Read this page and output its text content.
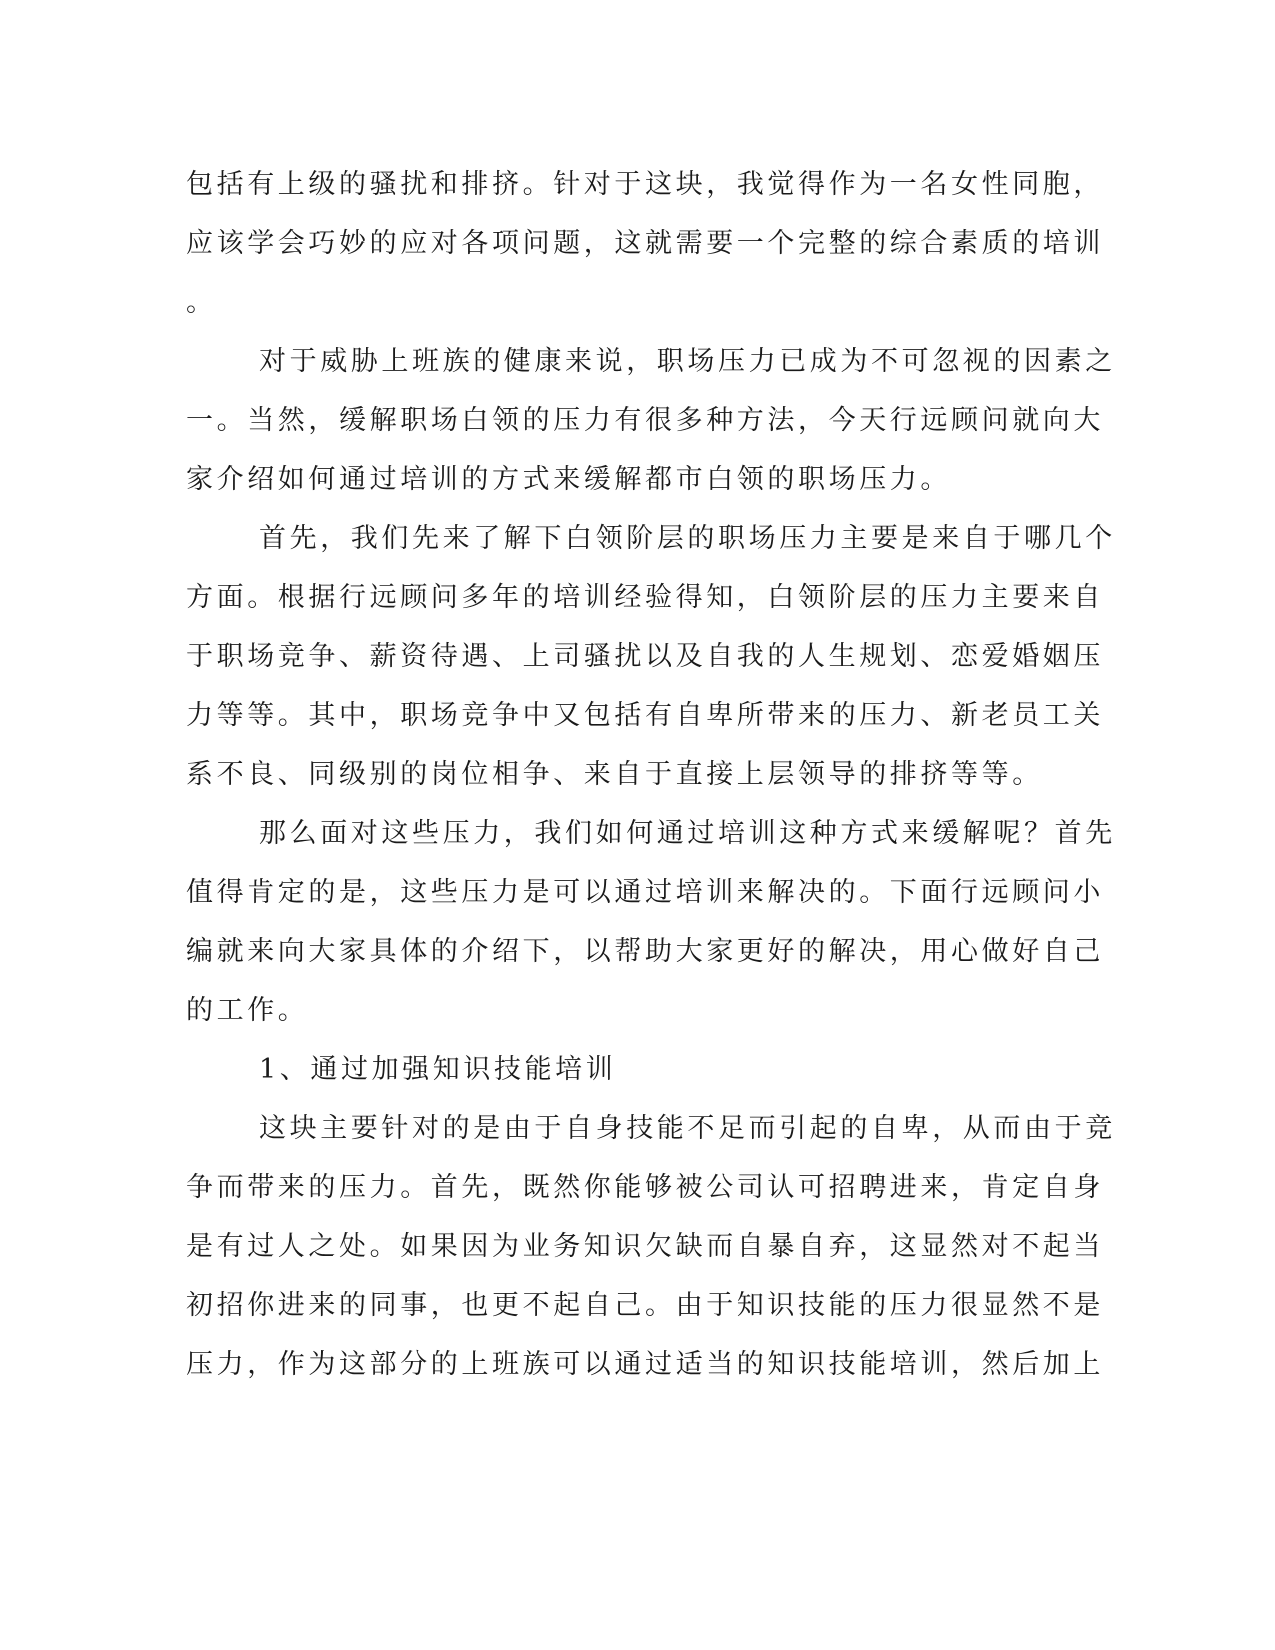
包括有上级的骚扰和排挤。针对于这块，我觉得作为一名女性同胞，
应该学会巧妙的应对各项问题，这就需要一个完整的综合素质的培训
。
对于威胁上班族的健康来说，职场压力已成为不可忽视的因素之
一。当然，缓解职场白领的压力有很多种方法，今天行远顾问就向大
家介绍如何通过培训的方式来缓解都市白领的职场压力。
首先，我们先来了解下白领阶层的职场压力主要是来自于哪几个
方面。根据行远顾问多年的培训经验得知，白领阶层的压力主要来自
于职场竞争、薪资待遇、上司骚扰以及自我的人生规划、恋爱婚姻压
力等等。其中，职场竞争中又包括有自卑所带来的压力、新老员工关
系不良、同级别的岗位相争、来自于直接上层领导的排挤等等。
那么面对这些压力，我们如何通过培训这种方式来缓解呢？首先
值得肯定的是，这些压力是可以通过培训来解决的。下面行远顾问小
编就来向大家具体的介绍下，以帮助大家更好的解决，用心做好自己
的工作。
1、通过加强知识技能培训
这块主要针对的是由于自身技能不足而引起的自卑，从而由于竞
争而带来的压力。首先，既然你能够被公司认可招聘进来，肯定自身
是有过人之处。如果因为业务知识欠缺而自暴自弃，这显然对不起当
初招你进来的同事，也更不起自己。由于知识技能的压力很显然不是
压力，作为这部分的上班族可以通过适当的知识技能培训，然后加上
